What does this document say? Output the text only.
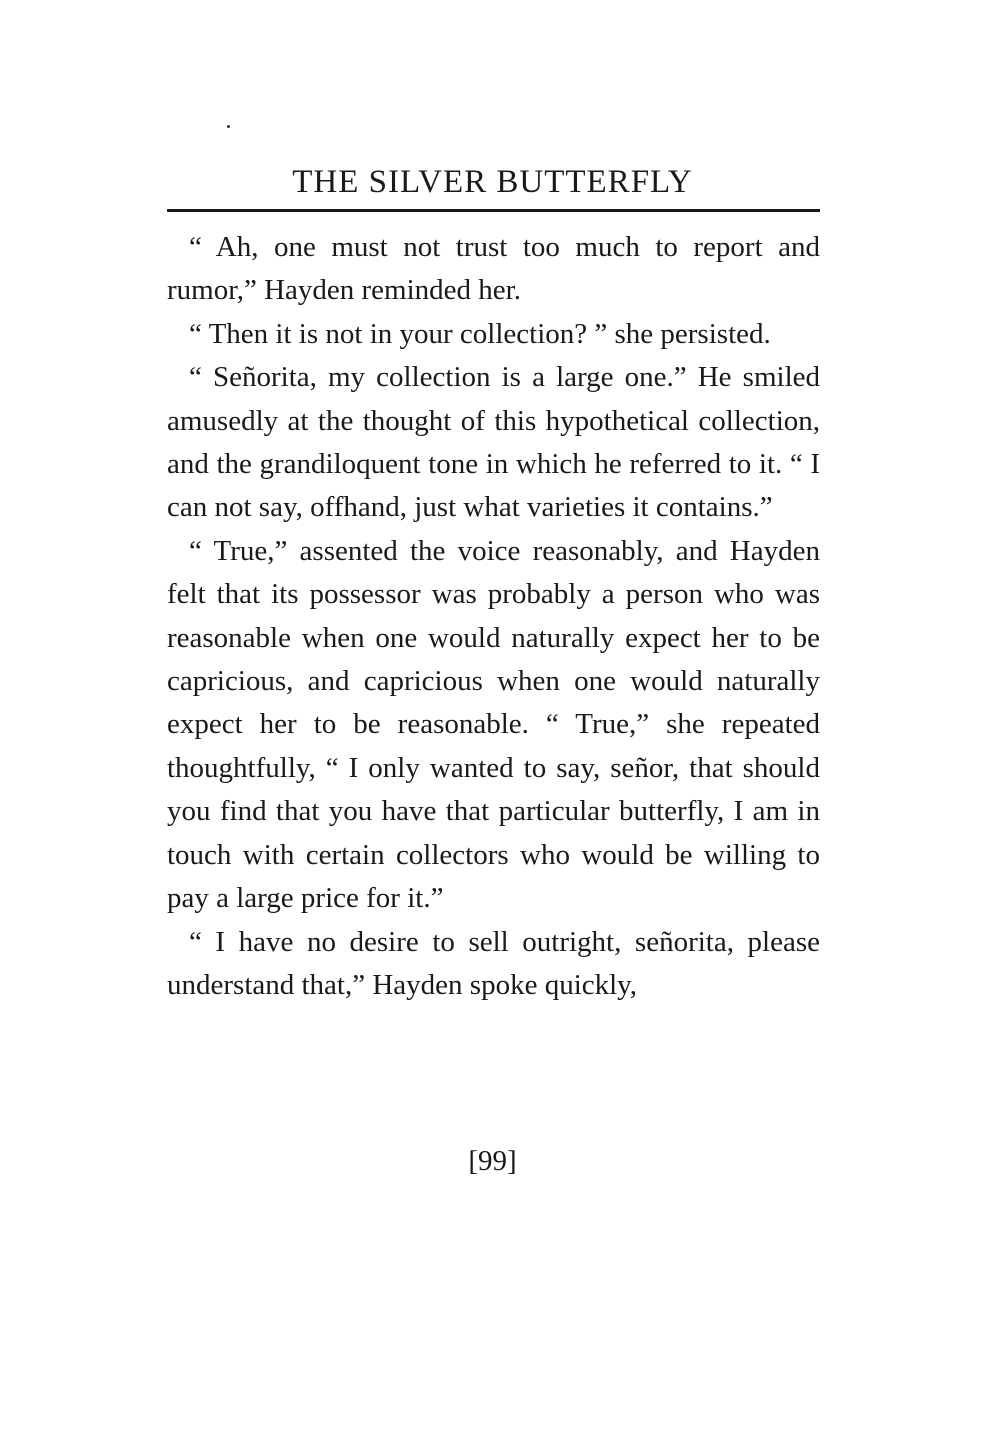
THE SILVER BUTTERFLY

“ Ah, one must not trust too much to report and rumor,” Hayden reminded her.

“ Then it is not in your collection? ” she persisted.

“ Señorita, my collection is a large one.” He smiled amusedly at the thought of this hypothetical collection, and the grandiloquent tone in which he referred to it. “ I can not say, offhand, just what varieties it contains.”

“ True,” assented the voice reasonably, and Hayden felt that its possessor was probably a person who was reasonable when one would naturally expect her to be capricious, and capricious when one would naturally expect her to be reasonable. “ True,” she repeated thoughtfully, “ I only wanted to say, señor, that should you find that you have that particular butterfly, I am in touch with certain collectors who would be willing to pay a large price for it.”

“ I have no desire to sell outright, señorita, please understand that,” Hayden spoke quickly,

[99]
